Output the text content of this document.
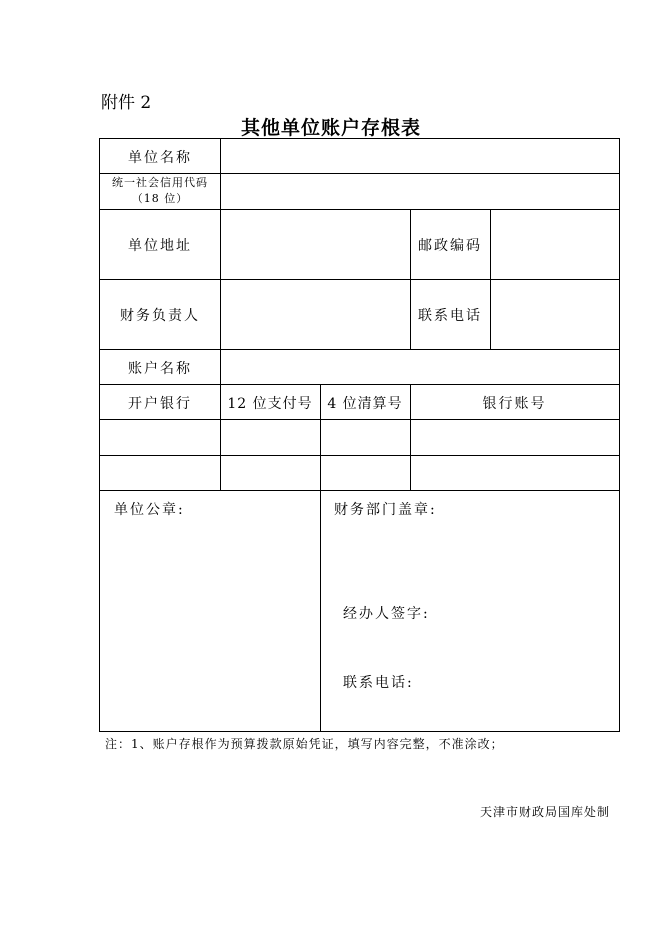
附件 2
其他单位账户存根表
单位名称
统一社会信用代码
（18 位）
单位地址	邮政编码
财务负责人	联系电话
账户名称
开户银行	12 位支付号	4 位清算号	银行账号
单位公章:	财务部门盖章:
经办人签字:
联系电话:
注：1、账户存根作为预算拨款原始凭证，填写内容完整，不准涂改；
天津市财政局国库处制
